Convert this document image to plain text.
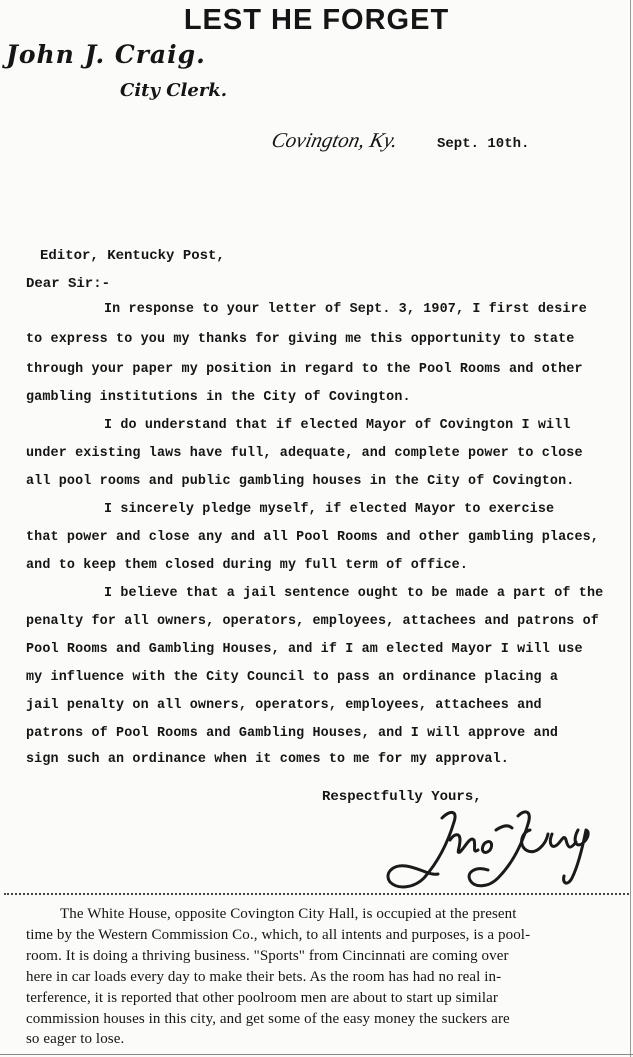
LEST HE FORGET
John J. Craig.
City Clerk.
Covington, Ky.	Sept. 10th.
Editor, Kentucky Post,
Dear Sir:-
In response to your letter of Sept. 3, 1907, I first desire
to express to you my thanks for giving me this opportunity to state
through your paper my position in regard to the Pool Rooms and other
gambling institutions in the City of Covington.
I do understand that if elected Mayor of Covington I will
under existing laws have full, adequate, and complete power to close
all pool rooms and public gambling houses in the City of Covington.
I sincerely pledge myself, if elected Mayor to exercise
that power and close any and all Pool Rooms and other gambling places,
and to keep them closed during my full term of office.
I believe that a jail sentence ought to be made a part of the
penalty for all owners, operators, employees, attachees and patrons of
Pool Rooms and Gambling Houses, and if I am elected Mayor I will use
my influence with the City Council to pass an ordinance placing a
jail penalty on all owners, operators, employees, attachees and
patrons of Pool Rooms and Gambling Houses, and I will approve and
sign such an ordinance when it comes to me for my approval.
Respectfully Yours,
The White House, opposite Covington City Hall, is occupied at the present
time by the Western Commission Co., which, to all intents and purposes, is a pool-
room. It is doing a thriving business. "Sports" from Cincinnati are coming over
here in car loads every day to make their bets. As the room has had no real in-
terference, it is reported that other poolroom men are about to start up similar
commission houses in this city, and get some of the easy money the suckers are
so eager to lose.
